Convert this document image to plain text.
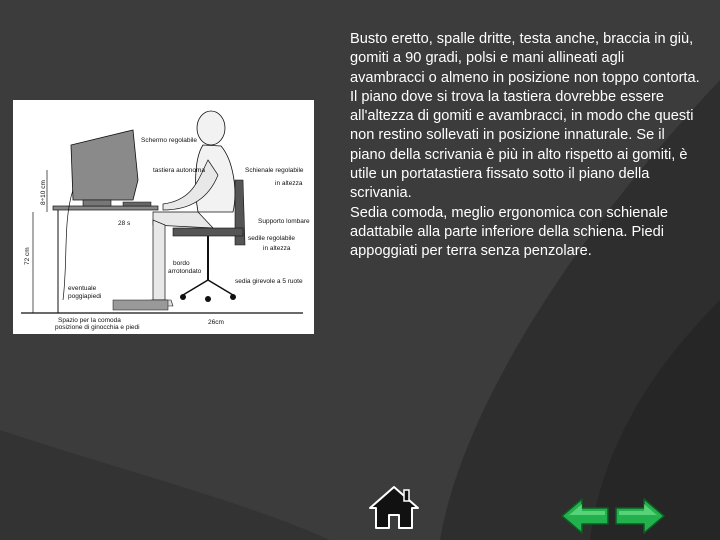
72 cm
8÷10 cm
Schermo regolabile
tastiera autonoma	Schienale regolabile
in altezza
Supporto lombare
28 s
sedile regolabile
in altezza
bordo
arrotondato
sedia girevole a 5 ruote
eventuale
poggiapiedi
Spazio per la comoda
posizione di ginocchia e piedi
26cm

Busto eretto, spalle dritte, testa anche, braccia in giù, gomiti a 90 gradi, polsi e mani allineati agli avambracci o almeno in posizione non toppo contorta. Il piano dove si trova la tastiera dovrebbe essere all'altezza di gomiti e avambracci, in modo che questi non restino sollevati in posizione innaturale. Se il piano della scrivania è più in alto rispetto ai gomiti, è utile un portatastiera fissato sotto il piano della scrivania.

Sedia comoda, meglio ergonomica con schienale adattabile alla parte inferiore della schiena. Piedi appoggiati per terra senza penzolare.
